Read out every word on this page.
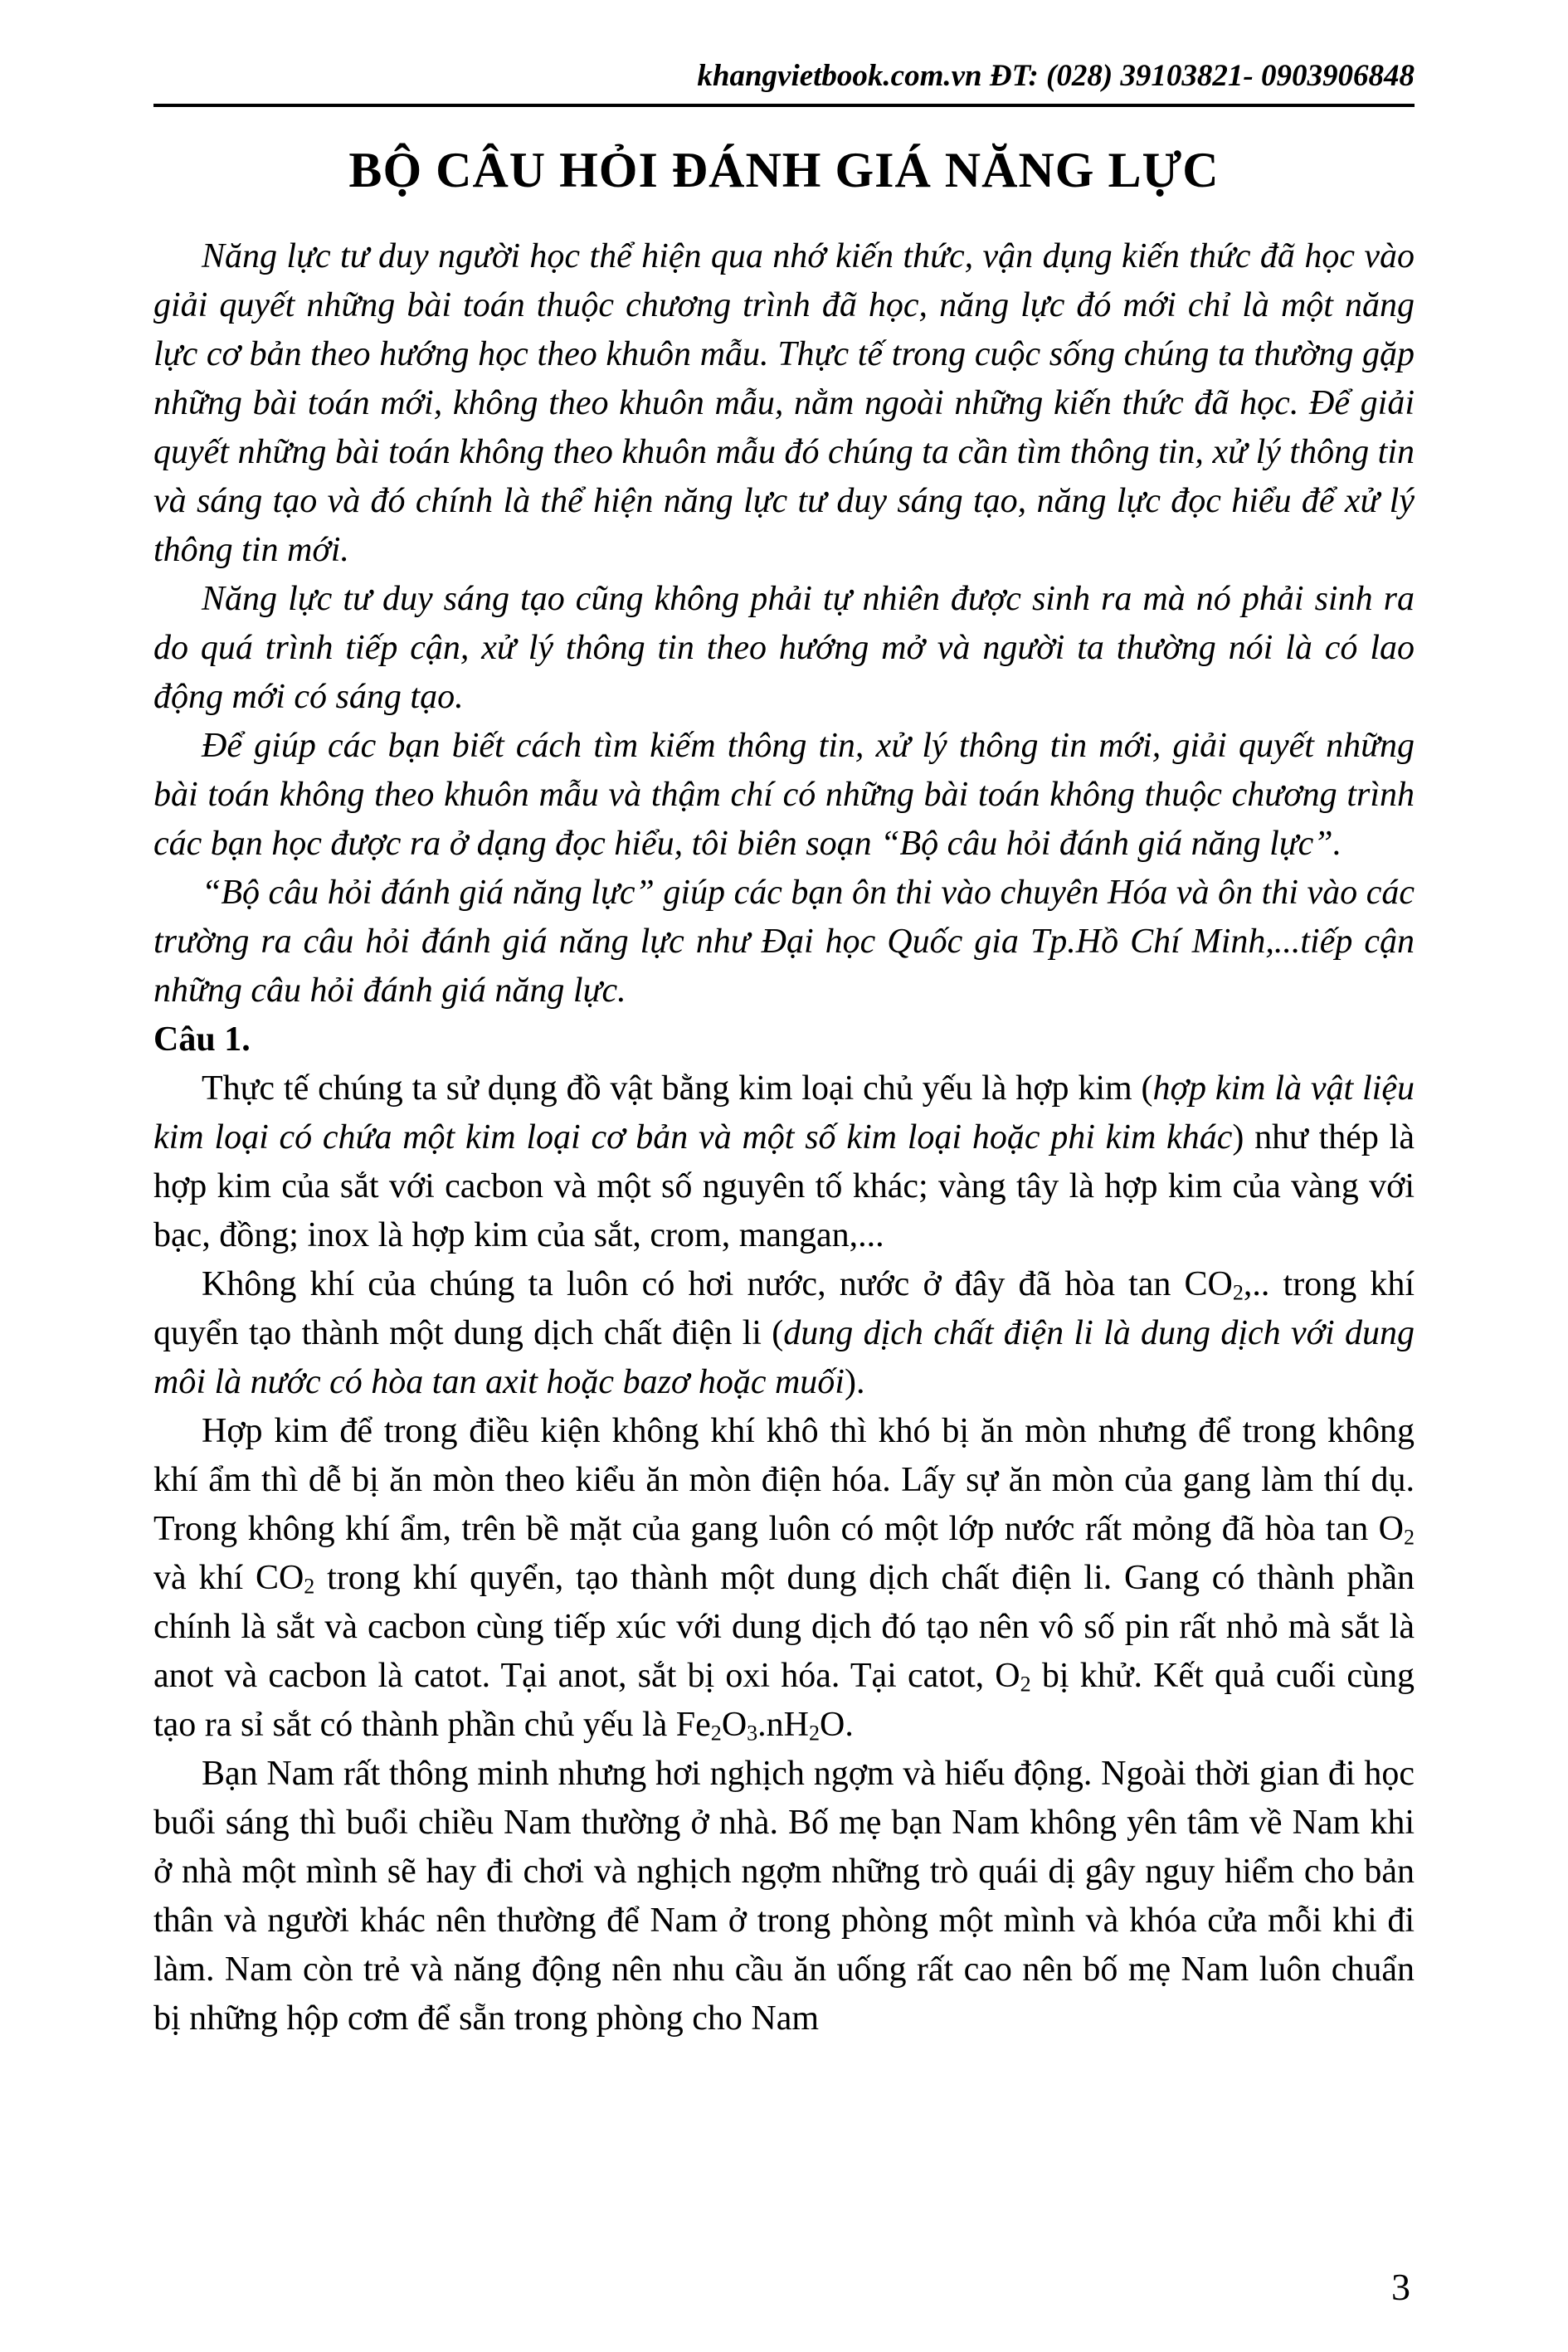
khangvietbook.com.vn ĐT: (028) 39103821- 0903906848
BỘ CÂU HỎI ĐÁNH GIÁ NĂNG LỰC

Năng lực tư duy người học thể hiện qua nhớ kiến thức, vận dụng kiến thức đã học vào giải quyết những bài toán thuộc chương trình đã học, năng lực đó mới chỉ là một năng lực cơ bản theo hướng học theo khuôn mẫu. Thực tế trong cuộc sống chúng ta thường gặp những bài toán mới, không theo khuôn mẫu, nằm ngoài những kiến thức đã học. Để giải quyết những bài toán không theo khuôn mẫu đó chúng ta cần tìm thông tin, xử lý thông tin và sáng tạo và đó chính là thể hiện năng lực tư duy sáng tạo, năng lực đọc hiểu để xử lý thông tin mới.

Năng lực tư duy sáng tạo cũng không phải tự nhiên được sinh ra mà nó phải sinh ra do quá trình tiếp cận, xử lý thông tin theo hướng mở và người ta thường nói là có lao động mới có sáng tạo.

Để giúp các bạn biết cách tìm kiếm thông tin, xử lý thông tin mới, giải quyết những bài toán không theo khuôn mẫu và thậm chí có những bài toán không thuộc chương trình các bạn học được ra ở dạng đọc hiểu, tôi biên soạn “Bộ câu hỏi đánh giá năng lực”.

“Bộ câu hỏi đánh giá năng lực” giúp các bạn ôn thi vào chuyên Hóa và ôn thi vào các trường ra câu hỏi đánh giá năng lực như Đại học Quốc gia Tp.Hồ Chí Minh,...tiếp cận những câu hỏi đánh giá năng lực.

Câu 1.

Thực tế chúng ta sử dụng đồ vật bằng kim loại chủ yếu là hợp kim (hợp kim là vật liệu kim loại có chứa một kim loại cơ bản và một số kim loại hoặc phi kim khác) như thép là hợp kim của sắt với cacbon và một số nguyên tố khác; vàng tây là hợp kim của vàng với bạc, đồng; inox là hợp kim của sắt, crom, mangan,...

Không khí của chúng ta luôn có hơi nước, nước ở đây đã hòa $\tan CO_2$,.. trong khí quyển tạo thành một dung dịch chất điện li (dung dịch chất điện li là dung dịch với dung môi là nước có hòa tan axit hoặc bazơ hoặc muối).

Hợp kim để trong điều kiện không khí khô thì khó bị ăn mòn nhưng để trong không khí ẩm thì dễ bị ăn mòn theo kiểu ăn mòn điện hóa. Lấy sự ăn mòn của gang làm thí dụ. Trong không khí ẩm, trên bề mặt của gang luôn có một lớp nước rất mỏng đã hòa $\tan O_2$ và khí $CO_2$ trong khí quyển, tạo thành một dung dịch chất điện li. Gang có thành phần chính là sắt và cacbon cùng tiếp xúc với dung dịch đó tạo nên vô số pin rất nhỏ mà sắt là anot và cacbon là catot. Tại anot, sắt bị oxi hóa. Tại catot, $O_2$ bị khử. Kết quả cuối cùng tạo ra sỉ sắt có thành phần chủ yếu là $Fe_2O_3.nH_2O$.

Bạn Nam rất thông minh nhưng hơi nghịch ngợm và hiếu động. Ngoài thời gian đi học buổi sáng thì buổi chiều Nam thường ở nhà. Bố mẹ bạn Nam không yên tâm về Nam khi ở nhà một mình sẽ hay đi chơi và nghịch ngợm những trò quái dị gây nguy hiểm cho bản thân và người khác nên thường để Nam ở trong phòng một mình và khóa cửa mỗi khi đi làm. Nam còn trẻ và năng động nên nhu cầu ăn uống rất cao nên bố mẹ Nam luôn chuẩn bị những hộp cơm để sẵn trong phòng cho Nam

3
